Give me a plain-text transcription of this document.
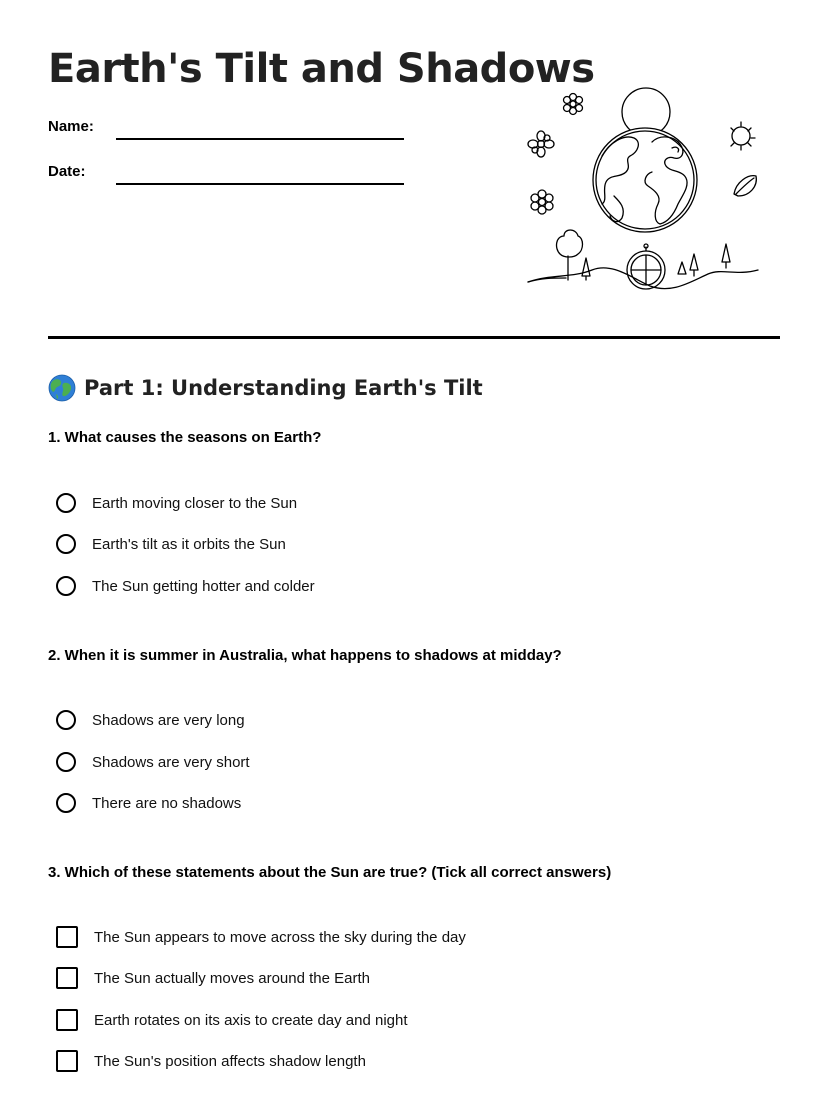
Earth's Tilt and Shadows
Name:
Date:
Part 1: Understanding Earth's Tilt
1. What causes the seasons on Earth?
Earth moving closer to the Sun
Earth's tilt as it orbits the Sun
The Sun getting hotter and colder
2. When it is summer in Australia, what happens to shadows at midday?
Shadows are very long
Shadows are very short
There are no shadows
3. Which of these statements about the Sun are true? (Tick all correct answers)
The Sun appears to move across the sky during the day
The Sun actually moves around the Earth
Earth rotates on its axis to create day and night
The Sun's position affects shadow length
